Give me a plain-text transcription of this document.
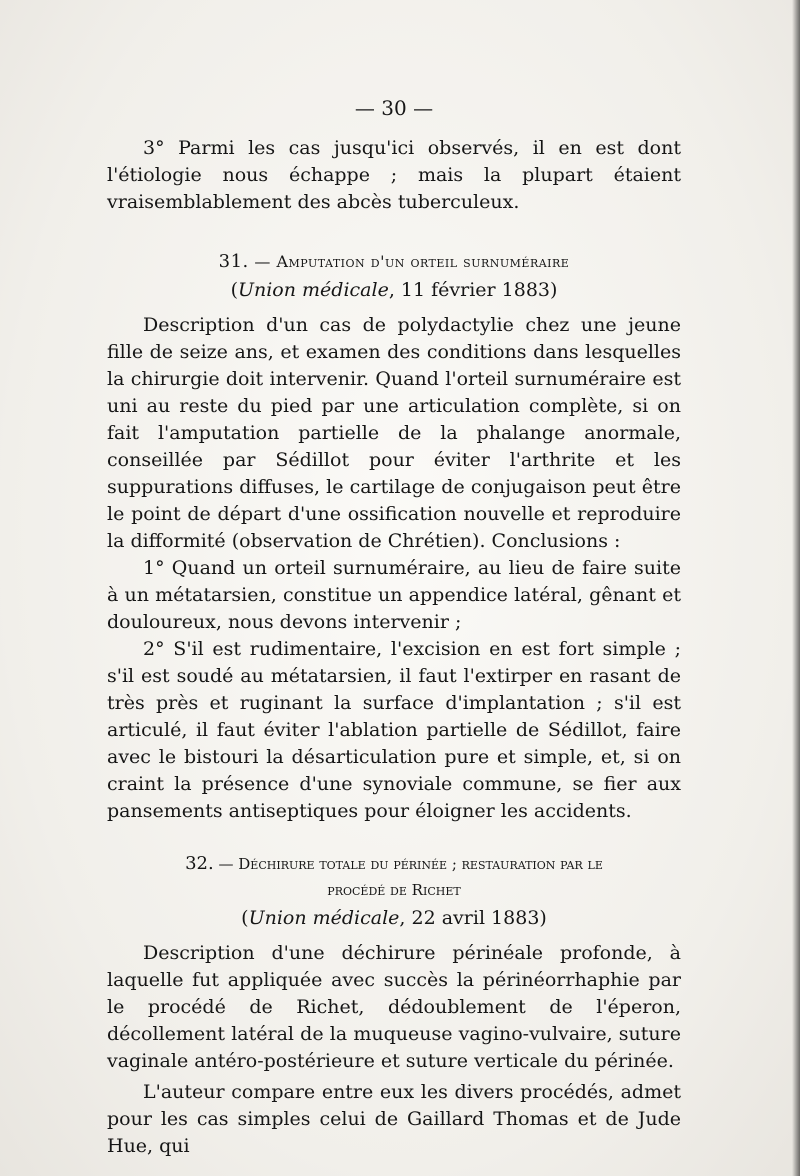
— 30 —

3° Parmi les cas jusqu'ici observés, il en est dont l'étiologie nous échappe ; mais la plupart étaient vraisemblablement des abcès tuberculeux.

31. — Amputation d'un orteil surnuméraire
(Union médicale, 11 février 1883)

Description d'un cas de polydactylie chez une jeune fille de seize ans, et examen des conditions dans lesquelles la chirurgie doit intervenir. Quand l'orteil surnuméraire est uni au reste du pied par une articulation complète, si on fait l'amputation partielle de la phalange anormale, conseillée par Sédillot pour éviter l'arthrite et les suppurations diffuses, le cartilage de conjugaison peut être le point de départ d'une ossification nouvelle et reproduire la difformité (observation de Chrétien). Conclusions :

1° Quand un orteil surnuméraire, au lieu de faire suite à un métatarsien, constitue un appendice latéral, gênant et douloureux, nous devons intervenir ;

2° S'il est rudimentaire, l'excision en est fort simple ; s'il est soudé au métatarsien, il faut l'extirper en rasant de très près et ruginant la surface d'implantation ; s'il est articulé, il faut éviter l'ablation partielle de Sédillot, faire avec le bistouri la désarticulation pure et simple, et, si on craint la présence d'une synoviale commune, se fier aux pansements antiseptiques pour éloigner les accidents.

32. — Déchirure totale du périnée ; restauration par le
procédé de Richet
(Union médicale, 22 avril 1883)

Description d'une déchirure périnéale profonde, à laquelle fut appliquée avec succès la périnéorrhaphie par le procédé de Richet, dédoublement de l'éperon, décollement latéral de la muqueuse vagino-vulvaire, suture vaginale antéro-postérieure et suture verticale du périnée.

L'auteur compare entre eux les divers procédés, admet pour les cas simples celui de Gaillard Thomas et de Jude Hue, qui
